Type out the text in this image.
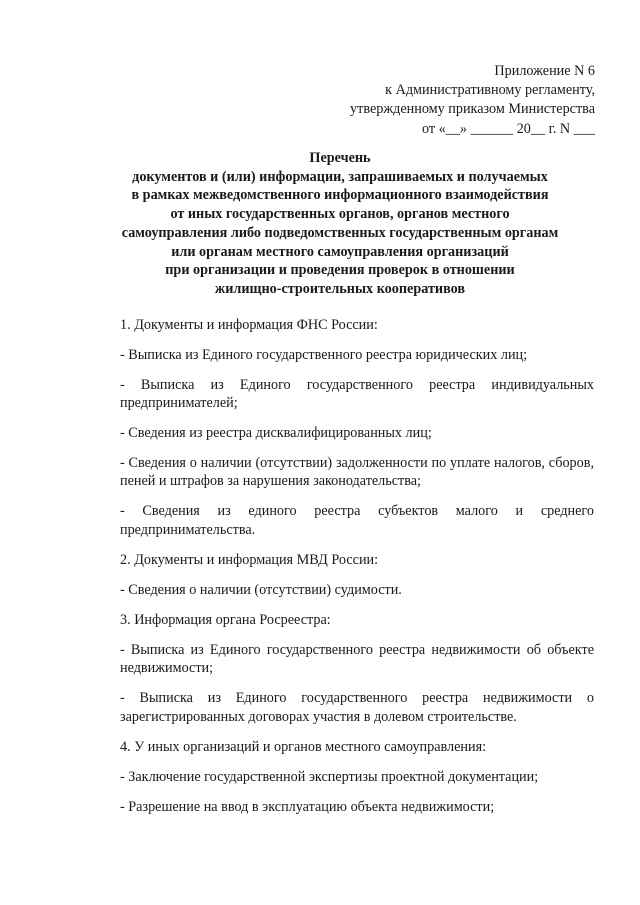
Приложение N 6
к Административному регламенту,
утвержденному приказом Министерства
от «__» ______ 20__ г. N ___
Перечень
документов и (или) информации, запрашиваемых и получаемых
в рамках межведомственного информационного взаимодействия
от иных государственных органов, органов местного
самоуправления либо подведомственных государственным органам
или органам местного самоуправления организаций
при организации и проведения проверок в отношении
жилищно-строительных кооперативов

1. Документы и информация ФНС России:

- Выписка из Единого государственного реестра юридических лиц;

- Выписка из Единого государственного реестра индивидуальных предпринимателей;

- Сведения из реестра дисквалифицированных лиц;

- Сведения о наличии (отсутствии) задолженности по уплате налогов, сборов, пеней и штрафов за нарушения законодательства;

- Сведения из единого реестра субъектов малого и среднего предпринимательства.

2. Документы и информация МВД России:

- Сведения о наличии (отсутствии) судимости.

3. Информация органа Росреестра:

- Выписка из Единого государственного реестра недвижимости об объекте недвижимости;

- Выписка из Единого государственного реестра недвижимости о зарегистрированных договорах участия в долевом строительстве.

4. У иных организаций и органов местного самоуправления:

- Заключение государственной экспертизы проектной документации;

- Разрешение на ввод в эксплуатацию объекта недвижимости;
